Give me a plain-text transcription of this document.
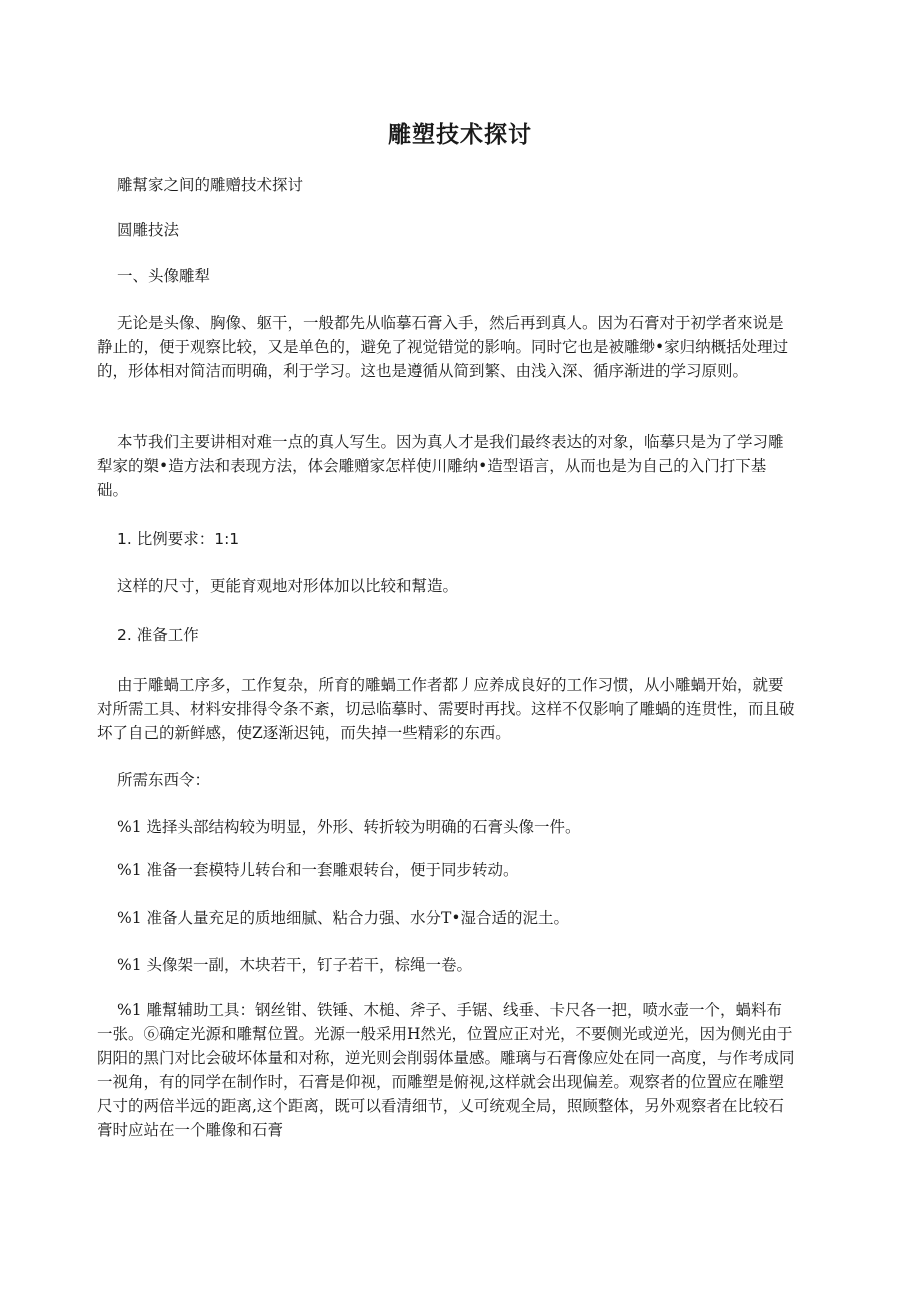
雕塑技术探讨

雕幫家之间的雕赠技术探讨

圆雕技法

一、头像雕犁

无论是头像、胸像、躯干，一般都先从临摹石膏入手，然后再到真人。因为石膏对于初学者來说是静止的，便于观察比较，又是单色的，避免了视觉错觉的影响。同时它也是被雕缈•家归纳概括处理过的，形体相对简洁而明确，利于学习。这也是遵循从简到繁、由浅入深、循序渐进的学习原则。

本节我们主要讲相对难一点的真人写生。因为真人才是我们最终表达的对象，临摹只是为了学习雕犁家的槊•造方法和表现方法，体会雕赠家怎样使川雕纳•造型语言，从而也是为自己的入门打下基础。

1. 比例要求：1:1

这样的尺寸，更能育观地对形体加以比较和幫造。

2. 准备工作

由于雕蝸工序多，工作复杂，所育的雕蝸工作者都丿应养成良好的工作习惯，从小雕蝸开始，就要对所需工具、材料安排得令条不紊，切忌临摹时、需要时再找。这样不仅影响了雕蝸的连贯性，而且破坏了自己的新鲜感，使Z逐渐迟钝，而失掉一些精彩的东西。

所需东西令：

%1 选择头部结构较为明显，外形、转折较为明确的石膏头像一件。

%1 准备一套模特儿转台和一套雕艰转台，便于同步转动。

%1 准备人量充足的质地细腻、粘合力强、水分T•湿合适的泥土。

%1 头像架一副，木块若干，钉子若干，棕绳一卷。

%1 雕幫辅助工具：钢丝钳、铁锤、木槌、斧子、手锯、线垂、卡尺各一把，喷水壶一个，蝸料布一张。⑥确定光源和雕幫位置。光源一般采用H然光，位置应正对光，不要侧光或逆光，因为侧光由于阴阳的黑门对比会破坏体量和对称，逆光则会削弱体量感。雕璃与石膏像应处在同一高度，与作考成同一视角，有的同学在制作时，石膏是仰视，而雕塑是俯视,这样就会出现偏差。观察者的位置应在雕塑尺寸的两倍半远的距离,这个距离，既可以看清细节，乂可统观全局，照顾整体，另外观察者在比较石膏时应站在一个雕像和石膏
